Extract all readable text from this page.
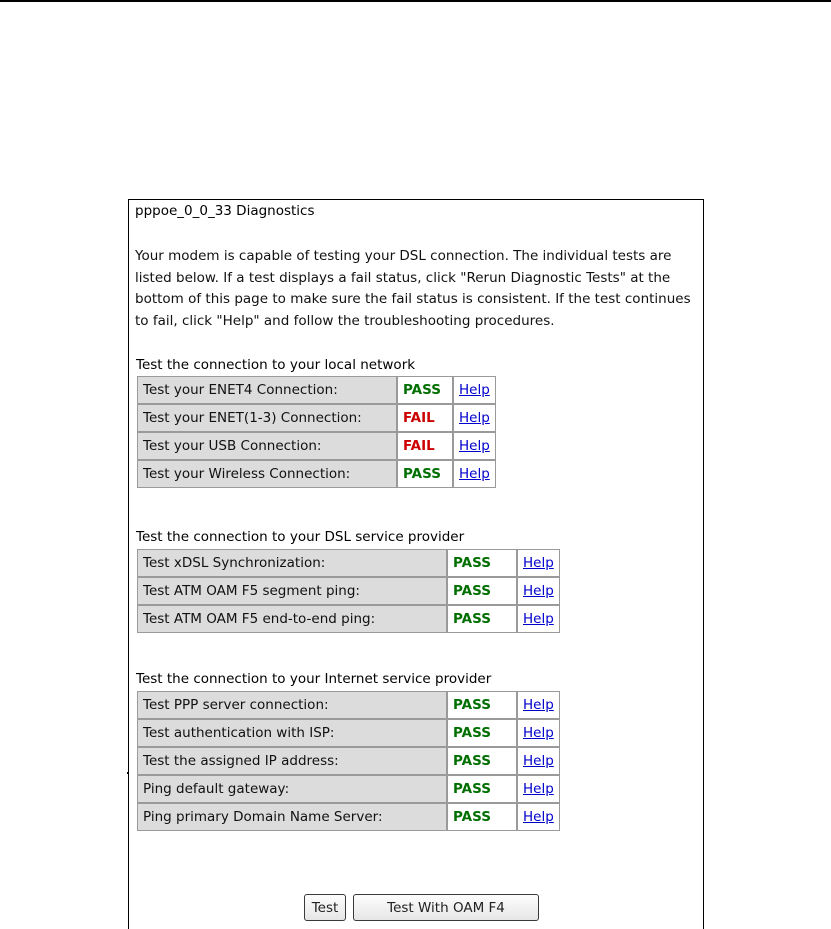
pppoe_0_0_33 Diagnostics
Your modem is capable of testing your DSL connection. The individual tests are listed below. If a test displays a fail status, click "Rerun Diagnostic Tests" at the bottom of this page to make sure the fail status is consistent. If the test continues to fail, click "Help" and follow the troubleshooting procedures.
Test the connection to your local network
Test your ENET4 Connection:	PASS	Help
Test your ENET(1-3) Connection:	FAIL	Help
Test your USB Connection:	FAIL	Help
Test your Wireless Connection:	PASS	Help
Test the connection to your DSL service provider
Test xDSL Synchronization:	PASS	Help
Test ATM OAM F5 segment ping:	PASS	Help
Test ATM OAM F5 end-to-end ping:	PASS	Help
Test the connection to your Internet service provider
Test PPP server connection:	PASS	Help
Test authentication with ISP:	PASS	Help
Test the assigned IP address:	PASS	Help
Ping default gateway:	PASS	Help
Ping primary Domain Name Server:	PASS	Help
Test	Test With OAM F4
